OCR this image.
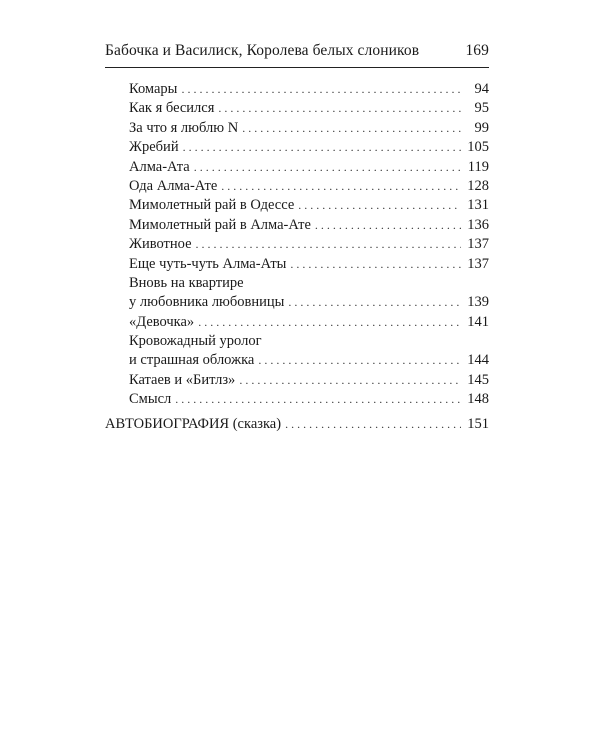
Бабочка и Василиск, Королева белых слоников	169
Комары . . .	94
Как я бесился . . .	95
За что я люблю N . . .	99
Жребий . . .	105
Алма-Ата . . .	119
Ода Алма-Ате . . .	128
Мимолетный рай в Одессе . . .	131
Мимолетный рай в Алма-Ате . . .	136
Животное . . .	137
Еще чуть-чуть Алма-Аты . . .	137
Вновь на квартире
у любовника любовницы . . .	139
«Девочка» . . .	141
Кровожадный уролог
и страшная обложка . . .	144
Катаев и «Битлз» . . .	145
Смысл . . .	148
АВТОБИОГРАФИЯ (сказка) . . .	151
